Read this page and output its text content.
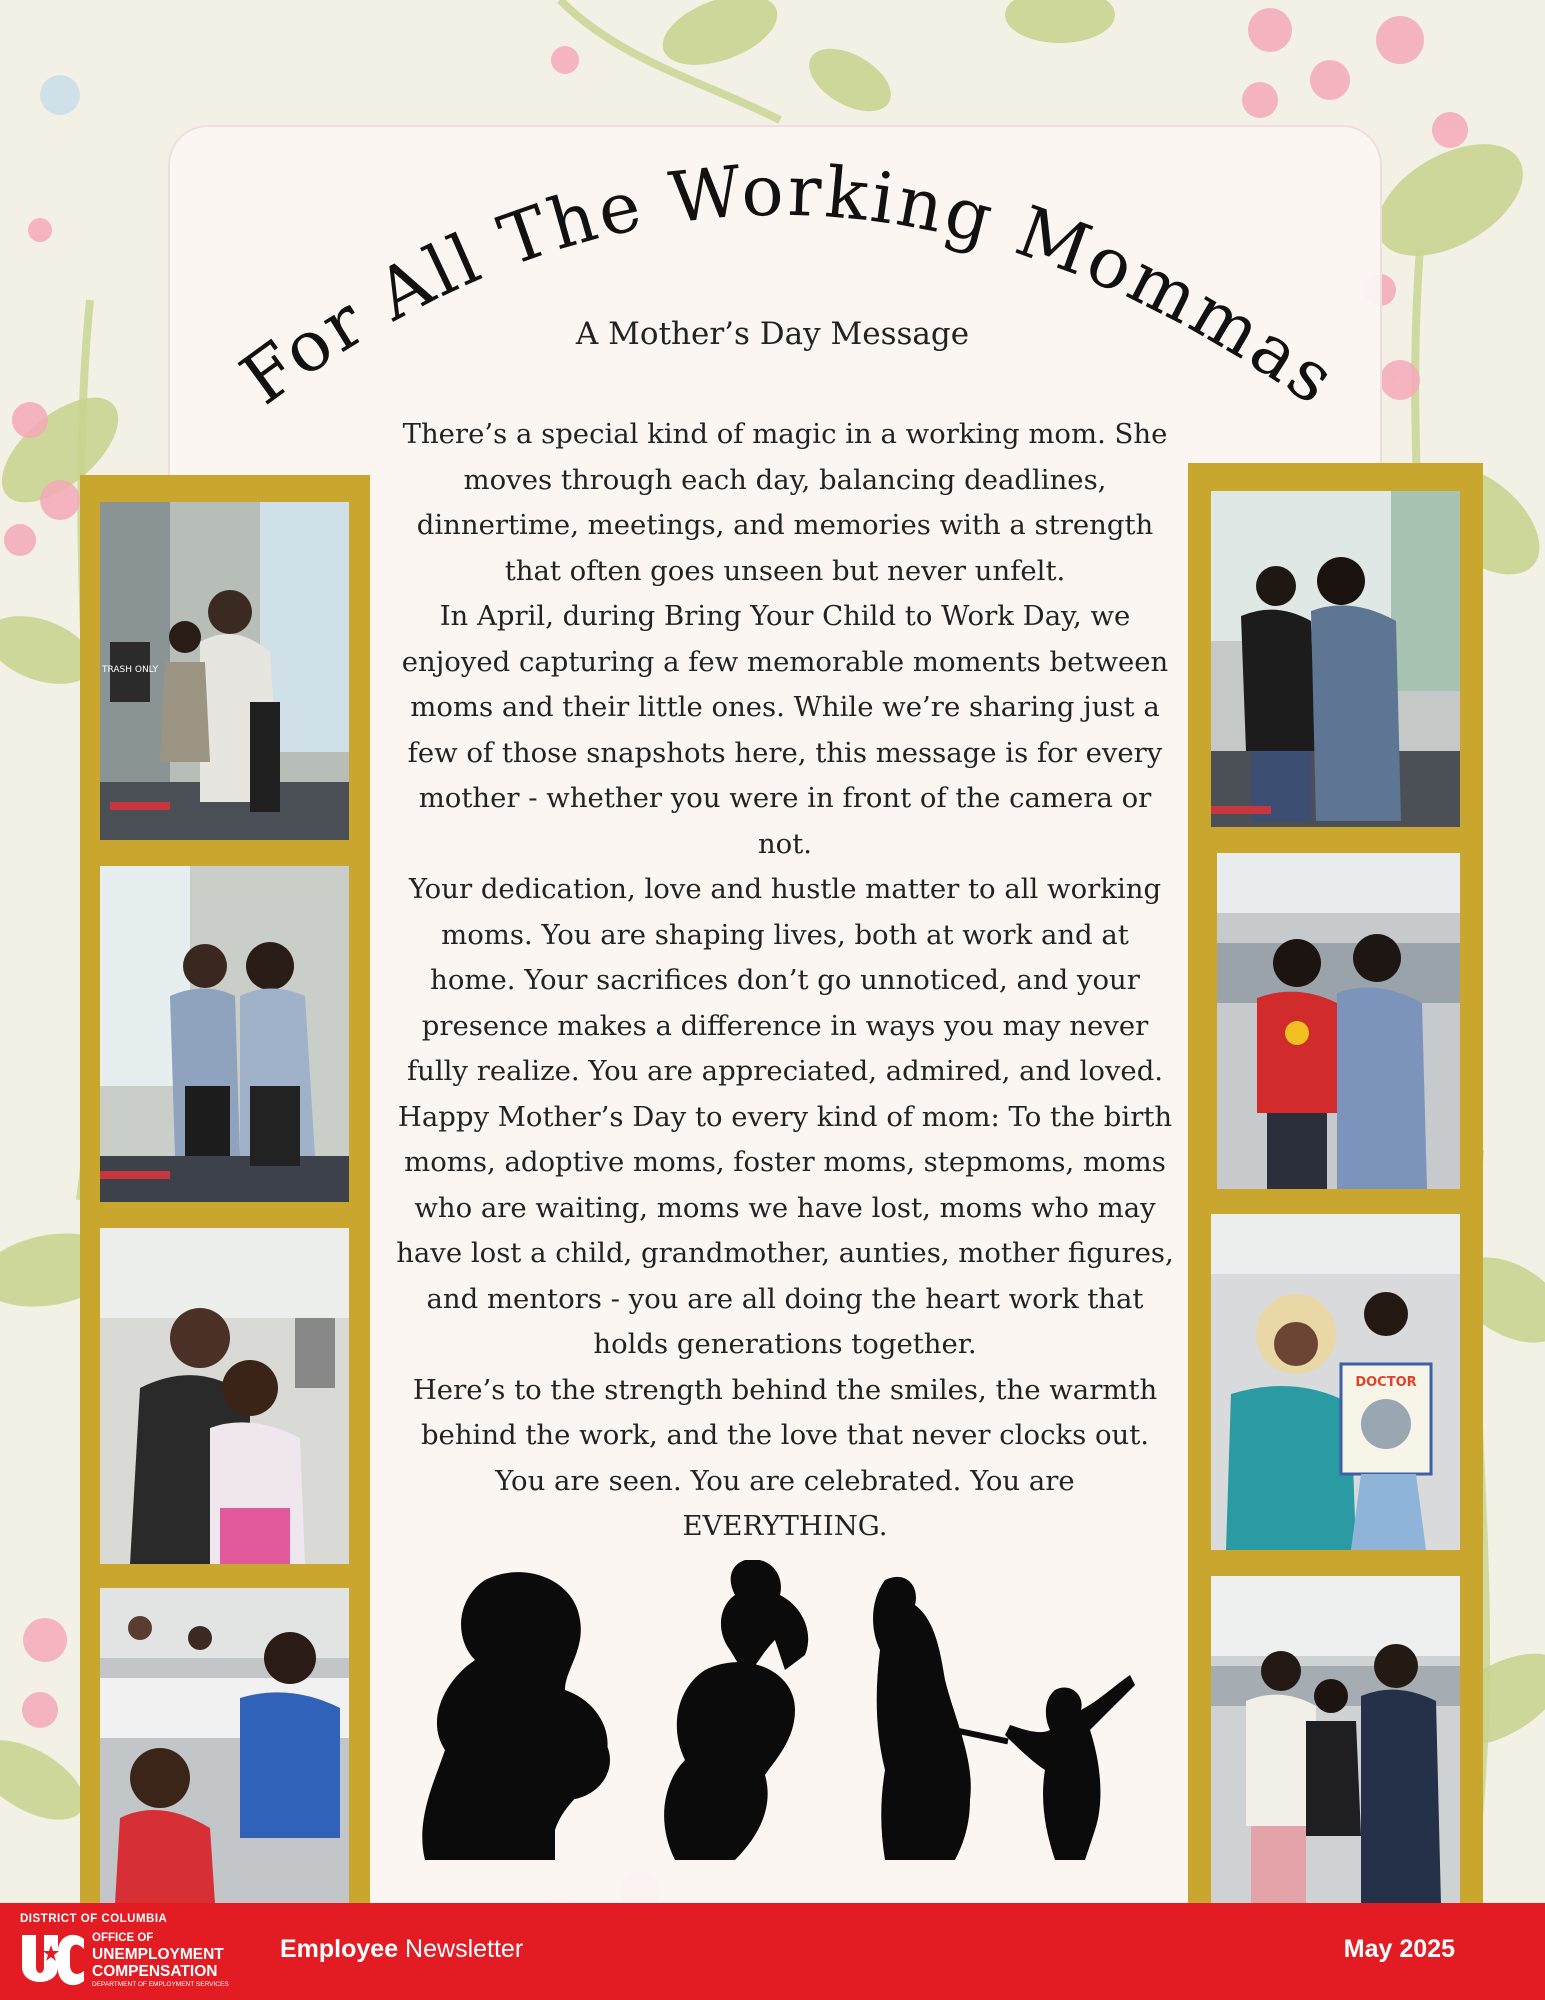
For All The Working Mommas
A Mother’s Day Message

There’s a special kind of magic in a working mom. She moves through each day, balancing deadlines, dinnertime, meetings, and memories with a strength that often goes unseen but never unfelt.

In April, during Bring Your Child to Work Day, we enjoyed capturing a few memorable moments between moms and their little ones. While we’re sharing just a few of those snapshots here, this message is for every mother - whether you were in front of the camera or not.

Your dedication, love and hustle matter to all working moms. You are shaping lives, both at work and at home. Your sacrifices don’t go unnoticed, and your presence makes a difference in ways you may never fully realize. You are appreciated, admired, and loved.

Happy Mother’s Day to every kind of mom: To the birth moms, adoptive moms, foster moms, stepmoms, moms who are waiting, moms we have lost, moms who may have lost a child, grandmother, aunties, mother figures, and mentors - you are all doing the heart work that holds generations together.

Here’s to the strength behind the smiles, the warmth behind the work, and the love that never clocks out. You are seen. You are celebrated. You are EVERYTHING.

TRASH ONLY
DOCTOR
DISTRICT OF COLUMBIA
OFFICE OF
UNEMPLOYMENT
COMPENSATION
DEPARTMENT OF EMPLOYMENT SERVICES
Employee Newsletter	May 2025
